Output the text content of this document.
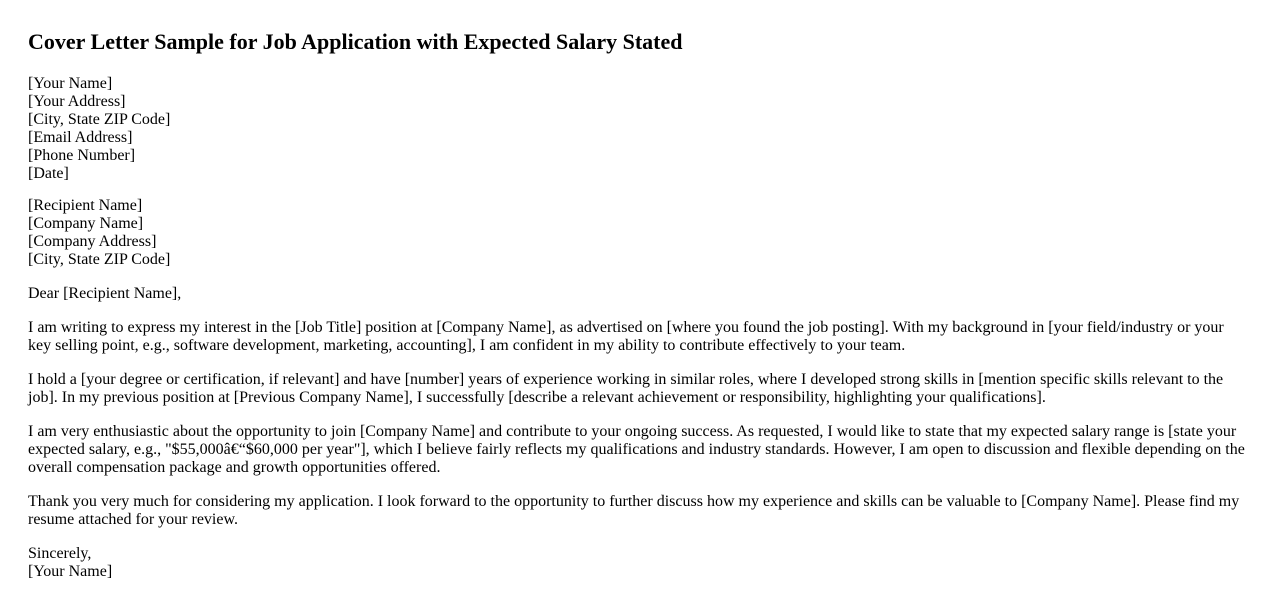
Cover Letter Sample for Job Application with Expected Salary Stated
[Your Name]
[Your Address]
[City, State ZIP Code]
[Email Address]
[Phone Number]
[Date]
[Recipient Name]
[Company Name]
[Company Address]
[City, State ZIP Code]

Dear [Recipient Name],

I am writing to express my interest in the [Job Title] position at [Company Name], as advertised on [where you found the job posting]. With my background in [your field/industry or your key selling point, e.g., software development, marketing, accounting], I am confident in my ability to contribute effectively to your team.

I hold a [your degree or certification, if relevant] and have [number] years of experience working in similar roles, where I developed strong skills in [mention specific skills relevant to the job]. In my previous position at [Previous Company Name], I successfully [describe a relevant achievement or responsibility, highlighting your qualifications].

I am very enthusiastic about the opportunity to join [Company Name] and contribute to your ongoing success. As requested, I would like to state that my expected salary range is [state your expected salary, e.g., "$55,000â€“$60,000 per year"], which I believe fairly reflects my qualifications and industry standards. However, I am open to discussion and flexible depending on the overall compensation package and growth opportunities offered.

Thank you very much for considering my application. I look forward to the opportunity to further discuss how my experience and skills can be valuable to [Company Name]. Please find my resume attached for your review.

Sincerely,
[Your Name]
